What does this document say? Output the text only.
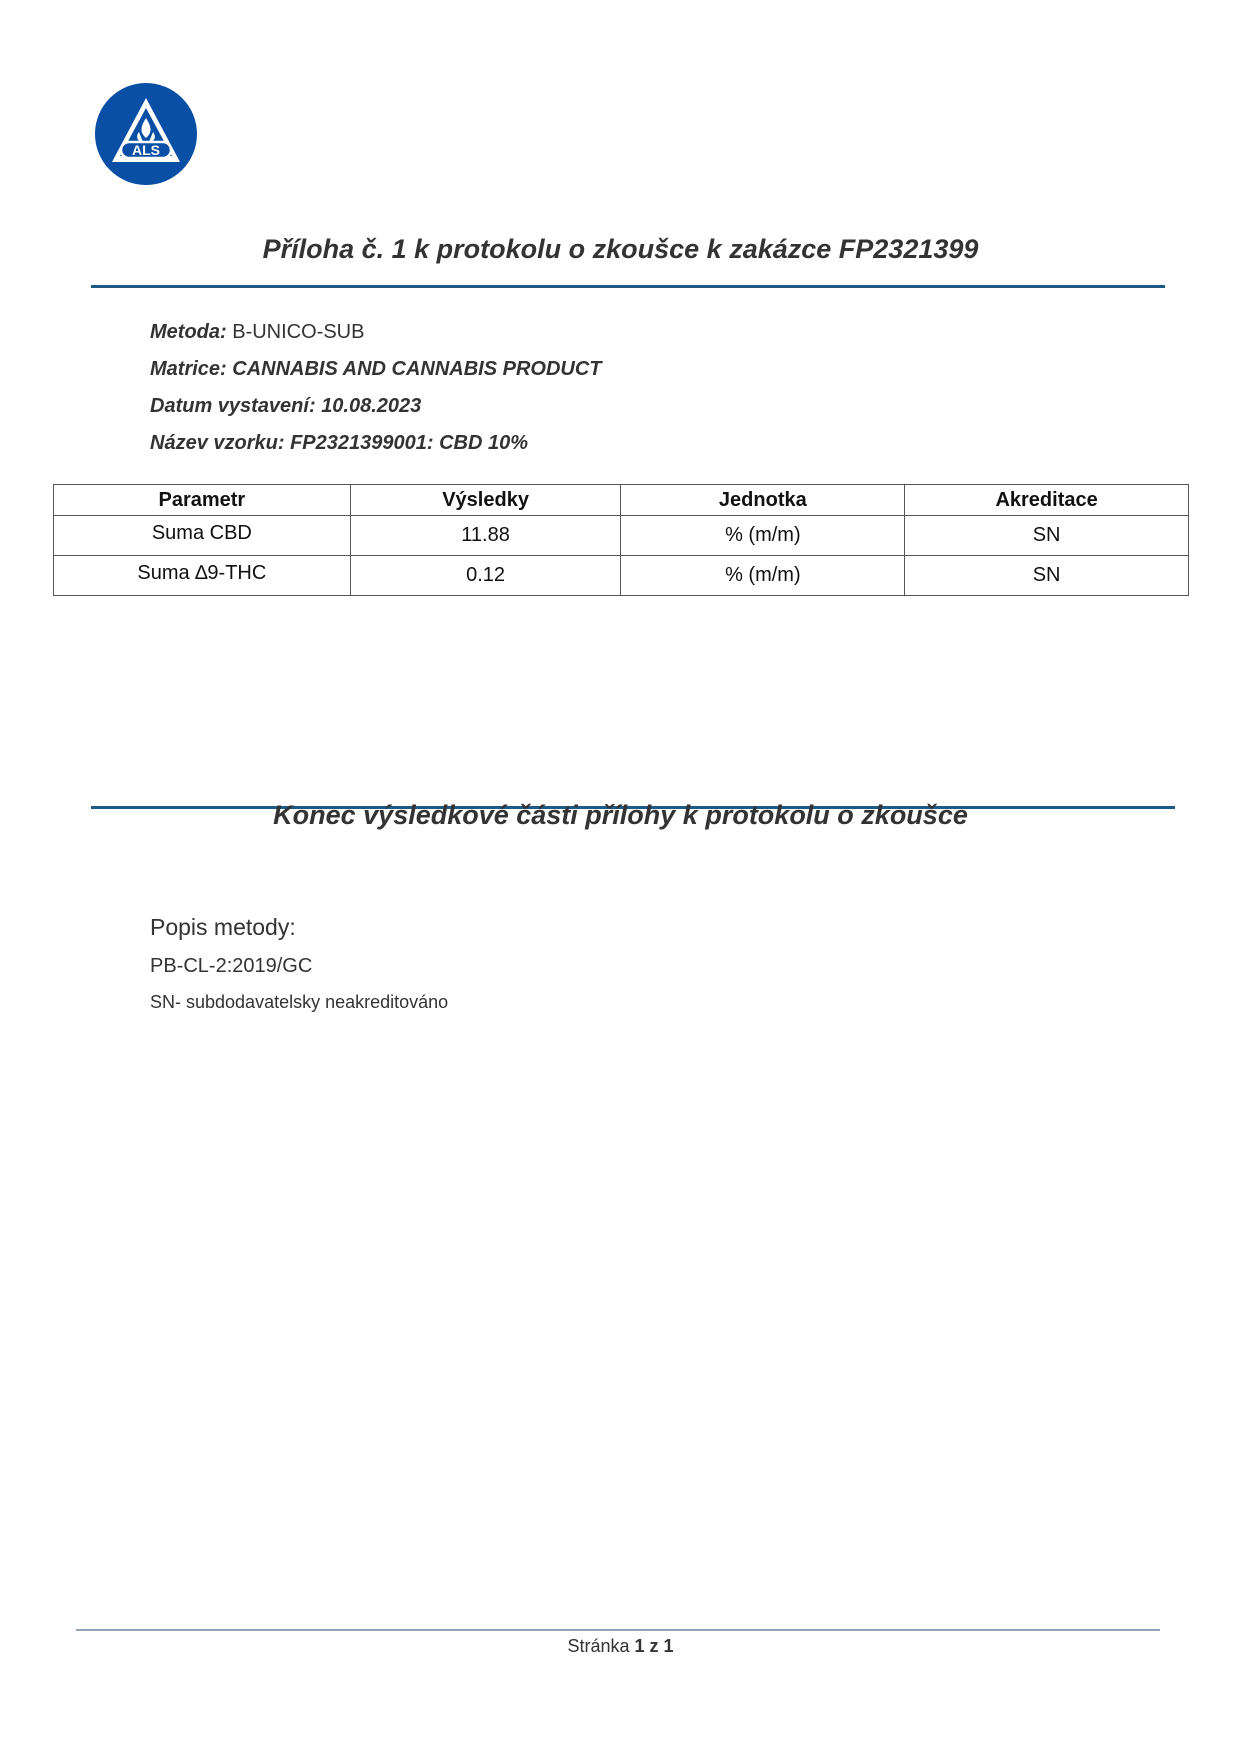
ALS
Příloha č. 1 k protokolu o zkoušce k zakázce FP2321399
Metoda: B-UNICO-SUB
Matrice: CANNABIS AND CANNABIS PRODUCT
Datum vystavení: 10.08.2023
Název vzorku: FP2321399001: CBD 10%
Parametr	Výsledky	Jednotka	Akreditace
Suma CBD	11.88	% (m/m)	SN
Suma ∆9-THC	0.12	% (m/m)	SN
Konec výsledkové části přílohy k protokolu o zkoušce
Popis metody:
PB-CL-2:2019/GC
SN- subdodavatelsky neakreditováno
Stránka 1 z 1
